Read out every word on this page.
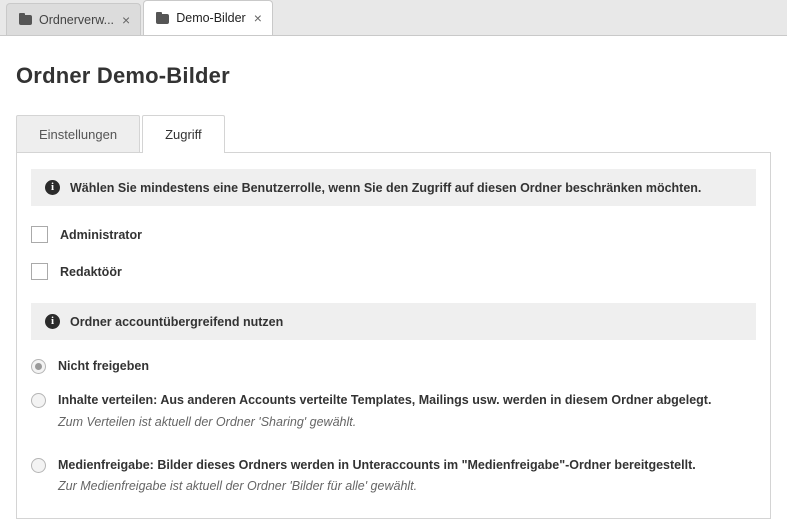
Ordnerverw... ×	Demo-Bilder ×
Ordner Demo-Bilder
Einstellungen	Zugriff
i	Wählen Sie mindestens eine Benutzerrolle, wenn Sie den Zugriff auf diesen Ordner beschränken möchten.
Administrator
Redaktöör
i	Ordner accountübergreifend nutzen
Nicht freigeben
Inhalte verteilen: Aus anderen Accounts verteilte Templates, Mailings usw. werden in diesem Ordner abgelegt.
Zum Verteilen ist aktuell der Ordner 'Sharing' gewählt.
Medienfreigabe: Bilder dieses Ordners werden in Unteraccounts im "Medienfreigabe"-Ordner bereitgestellt.
Zur Medienfreigabe ist aktuell der Ordner 'Bilder für alle' gewählt.
